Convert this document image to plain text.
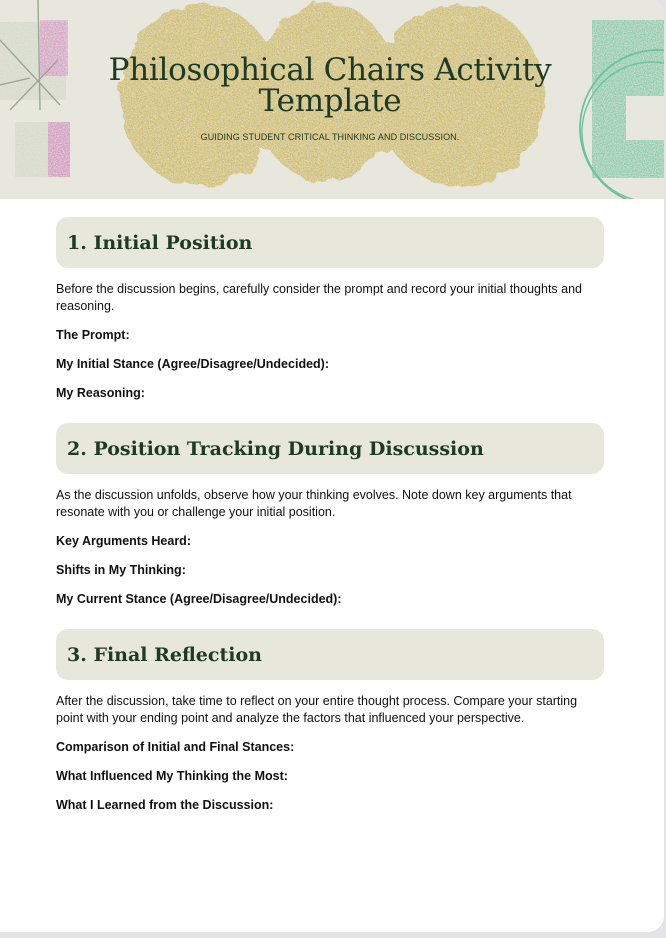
Philosophical Chairs Activity Template

GUIDING STUDENT CRITICAL THINKING AND DISCUSSION.

1. Initial Position

Before the discussion begins, carefully consider the prompt and record your initial thoughts and reasoning.

The Prompt:

My Initial Stance (Agree/Disagree/Undecided):

My Reasoning:

2. Position Tracking During Discussion

As the discussion unfolds, observe how your thinking evolves. Note down key arguments that resonate with you or challenge your initial position.

Key Arguments Heard:

Shifts in My Thinking:

My Current Stance (Agree/Disagree/Undecided):

3. Final Reflection

After the discussion, take time to reflect on your entire thought process. Compare your starting point with your ending point and analyze the factors that influenced your perspective.

Comparison of Initial and Final Stances:

What Influenced My Thinking the Most:

What I Learned from the Discussion:
